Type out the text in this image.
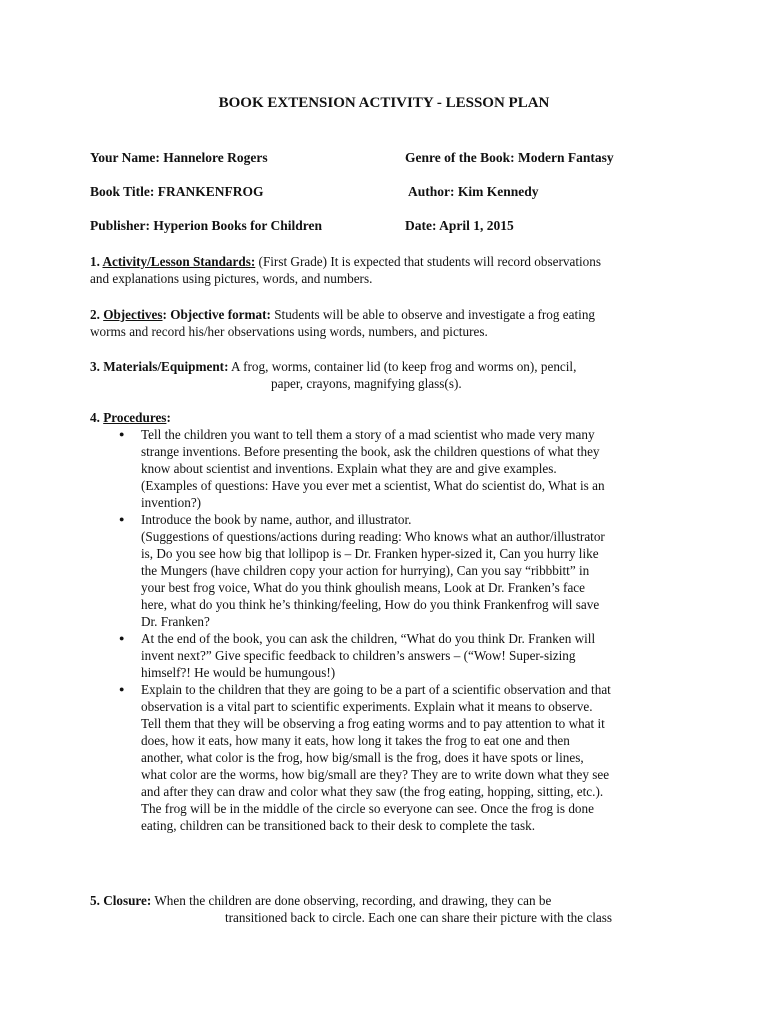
BOOK EXTENSION ACTIVITY - LESSON PLAN
Your Name: Hannelore Rogers	Genre of the Book: Modern Fantasy
Book Title: FRANKENFROG	Author: Kim Kennedy
Publisher: Hyperion Books for Children	Date: April 1, 2015

1. Activity/Lesson Standards: (First Grade) It is expected that students will record observations

and explanations using pictures, words, and numbers.

2. Objectives: Objective format: Students will be able to observe and investigate a frog eating

worms and record his/her observations using words, numbers, and pictures.

3. Materials/Equipment: A frog, worms, container lid (to keep frog and worms on), pencil,

paper, crayons, magnifying glass(s).

4. Procedures:

● Tell the children you want to tell them a story of a mad scientist who made very many
strange inventions. Before presenting the book, ask the children questions of what they
know about scientist and inventions. Explain what they are and give examples.
(Examples of questions: Have you ever met a scientist, What do scientist do, What is an
invention?)
● Introduce the book by name, author, and illustrator.
(Suggestions of questions/actions during reading: Who knows what an author/illustrator
is, Do you see how big that lollipop is – Dr. Franken hyper-sized it, Can you hurry like
the Mungers (have children copy your action for hurrying), Can you say “ribbbitt” in
your best frog voice, What do you think ghoulish means, Look at Dr. Franken’s face
here, what do you think he’s thinking/feeling, How do you think Frankenfrog will save
Dr. Franken?
● At the end of the book, you can ask the children, “What do you think Dr. Franken will
invent next?” Give specific feedback to children’s answers – (“Wow! Super-sizing
himself?! He would be humungous!)
● Explain to the children that they are going to be a part of a scientific observation and that
observation is a vital part to scientific experiments. Explain what it means to observe.
Tell them that they will be observing a frog eating worms and to pay attention to what it
does, how it eats, how many it eats, how long it takes the frog to eat one and then
another, what color is the frog, how big/small is the frog, does it have spots or lines,
what color are the worms, how big/small are they? They are to write down what they see
and after they can draw and color what they saw (the frog eating, hopping, sitting, etc.).
The frog will be in the middle of the circle so everyone can see. Once the frog is done
eating, children can be transitioned back to their desk to complete the task.

5. Closure: When the children are done observing, recording, and drawing, they can be

transitioned back to circle. Each one can share their picture with the class
